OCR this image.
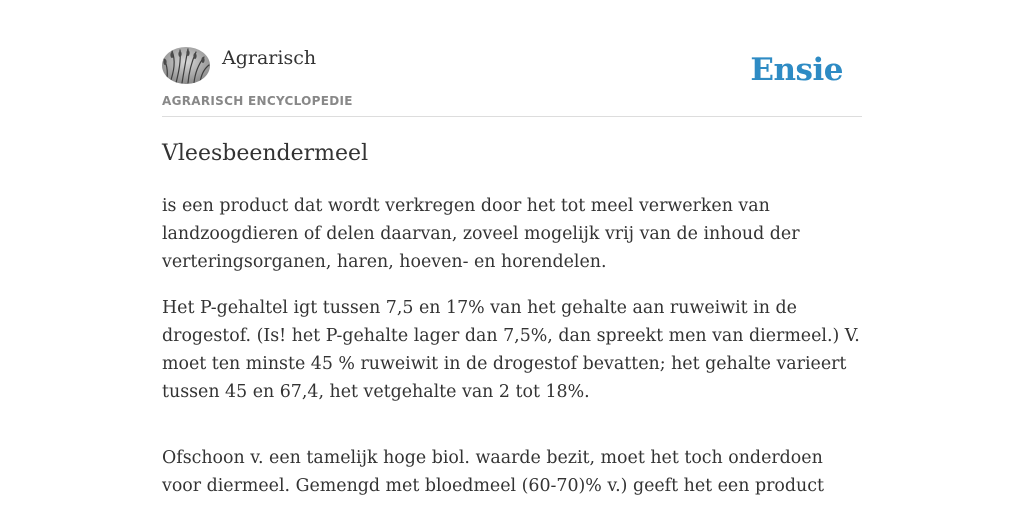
Agrarisch
AGRARISCH ENCYCLOPEDIE
Ensie
Vleesbeendermeel

is een product dat wordt verkregen door het tot meel verwerken van landzoogdieren of delen daarvan, zoveel mogelijk vrij van de inhoud der verteringsorganen, haren, hoeven- en horendelen.

Het P-gehaltel igt tussen 7,5 en 17% van het gehalte aan ruweiwit in de drogestof. (Is! het P-gehalte lager dan 7,5%, dan spreekt men van diermeel.) V. moet ten minste 45 % ruweiwit in de drogestof bevatten; het gehalte varieert tussen 45 en 67,4, het vetgehalte van 2 tot 18%.

Ofschoon v. een tamelijk hoge biol. waarde bezit, moet het toch onderdoen voor diermeel. Gemengd met bloedmeel (60-70)% v.) geeft het een product
